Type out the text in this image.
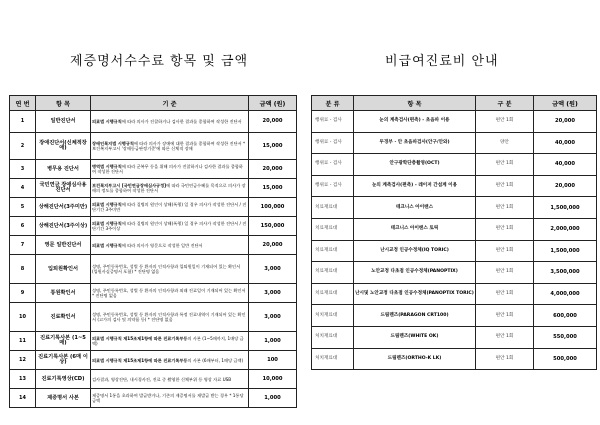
제증명서수수료 항목 및 금액	비급여진료비 안내
연 번	항 목	기 준	금액 (원)
1	일반진단서	의료법 시행규칙에 따라 의사가 진찰하거나 검사한 결과를 종합하여 작성한 진단서	20,000
2	장애진단서(신체적장애)	장애인복지법 시행규칙에 따라 의사가 장애에 대한 결과를 종합하여 작성한 진단서 * 보건복지부고시 '장애등급판정기준'에 따른 신체적 장애	15,000
3	병무용 진단서	병역법 시행규칙에 따라 군복무 등을 위해 의사가 진찰하거나 검사한 결과를 종합하여 작성한 진단서	20,000
4	국민연금 장애심사용 진단서	보건복지부고시 [국민연금장애심사규정]에 따라 국민연금수혜를 목적으로 의사가 장애의 정도를 종합하여 작성한 진단서	15,000
5	상해진단서(3주미만)	의료법 시행규칙에 따라 질병의 원인이 상해(폭행) 일 경우 의사가 작성한 진단서 / 진단기간 3주미만	100,000
6	상해진단서(3주이상)	의료법 시행규칙에 따라 질병의 원인이 상해(폭행) 일 경우 의사가 작성한 진단서 / 진단기간 3주이상	150,000
7	영문 일반진단서	의료법 시행규칙에 따라 의사가 영문으로 작성한 일반 진단서	20,000
8	입퇴원확인서	성명, 주민등록번호, 성별 등 환자의 인적사항과 입퇴원일이 기재되어 있는 확인서 (입원사실증명서 포함) * 진단명 없음	3,000
9	통원확인서	성명, 주민등록번호, 성별 등 환자의 인적사항과 외래 진료일이 기재되어 있는 확인서 * 진단명 없음	3,000
10	진료확인서	성명, 주민등록번호, 성별 등 환자의 인적사항과 특정 진료내역이 기재되어 있는 확인서 (고가의 검사 및 의약품 등) * 진단명 없음	3,000
11	진료기록사본 (1~5매)	의료법 시행규칙 제15조제1항에 따른 진료기록부등의 사본 (1~5매까지, 1매당 금액)	1,000
12	진료기록사본 (6매 이상)	의료법 시행규칙 제15조제1항에 따른 진료기록부등의 사본 (6매부터, 1매당 금액)	100
13	진료기록영상(CD)	검사결과, 영상진단, 내시경사진, 진료 중 촬영한 신체부위 등 영상 자료 USB	10,000
14	제증명서 사본	제증명서 1통을 초과하여 발급받거나, 기존의 제증명서를 재발급 받는 경우 * 1통당 금액	1,000
분 류	항 목	구 분	금액 (원)
행위료 - 검사	눈의 계측검사(편측) - 초음파 이용	편안 1회	20,000
행위료 - 검사	두경부 · 안 초음파검사(안구/안와)	양안	40,000
행위료 - 검사	안구광학단층촬영(OCT)	편안 1회	40,000
행위료 - 검사	눈의 계측검사(편측) - 레이저 간섭계 이용	편안 1회	20,000
치료재료대	테크니스 아이랜스	편안 1회	1,500,000
치료재료대	테크니스 아이랜스 토릭	편안 1회	2,000,000
치료재료대	난시교정 인공수정체(IQ TORIC)	편안 1회	1,500,000
치료재료대	노안교정 다초점 인공수정체(PANOPTIX)	편안 1회	3,500,000
치료재료대	난시및 노안교정 다초점 인공수정체(PANOPTIX TORIC)	편안 1회	4,000,000
처치재료대	드림렌즈(PARAGON CRT100)	편안 1회	600,000
처치재료대	드림렌즈(WHITE OK)	편안 1회	550,000
처치재료대	드림렌즈(ORTHO-K LK)	편안 1회	500,000
